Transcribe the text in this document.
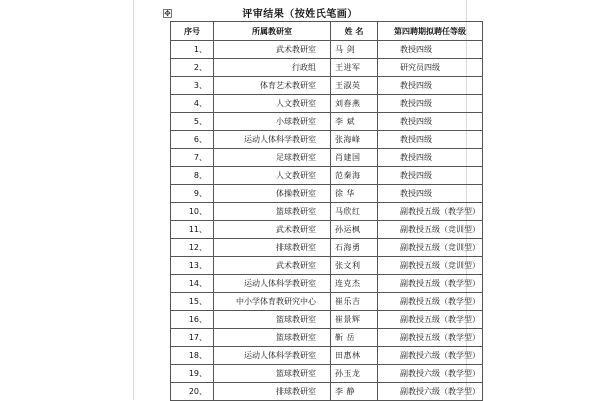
✥	评审结果（按姓氏笔画）
序号	所属教研室	姓 名	第四聘期拟聘任等级
1、	武术教研室	马 剑	教授四级
2、	行政组	王进军	研究员四级
3、	体育艺术教研室	王淑英	教授四级
4、	人文教研室	刘春燕	教授四级
5、	小球教研室	李 斌	教授四级
6、	运动人体科学教研室	张海峰	教授四级
7、	足球教研室	肖建国	教授四级
8、	人文教研室	范秦海	教授四级
9、	体操教研室	徐 华	教授四级
10、	篮球教研室	马欣红	副教授五级（教学型）
11、	武术教研室	孙运枫	副教授五级（竞训型）
12、	排球教研室	石海勇	副教授五级（竞训型）
13、	武术教研室	张文利	副教授五级（竞训型）
14、	运动人体科学教研室	连克杰	副教授五级（教学型）
15、	中小学体育教研究中心	崔乐吉	副教授五级（教学型）
16、	篮球教研室	崔景辉	副教授五级（教学型）
17、	篮球教研室	靳 岳	副教授五级（教学型）
18、	运动人体科学教研室	田惠林	副教授六级（教学型）
19、	篮球教研室	孙玉龙	副教授六级（教学型）
20、	排球教研室	李 静	副教授六级（教学型）
